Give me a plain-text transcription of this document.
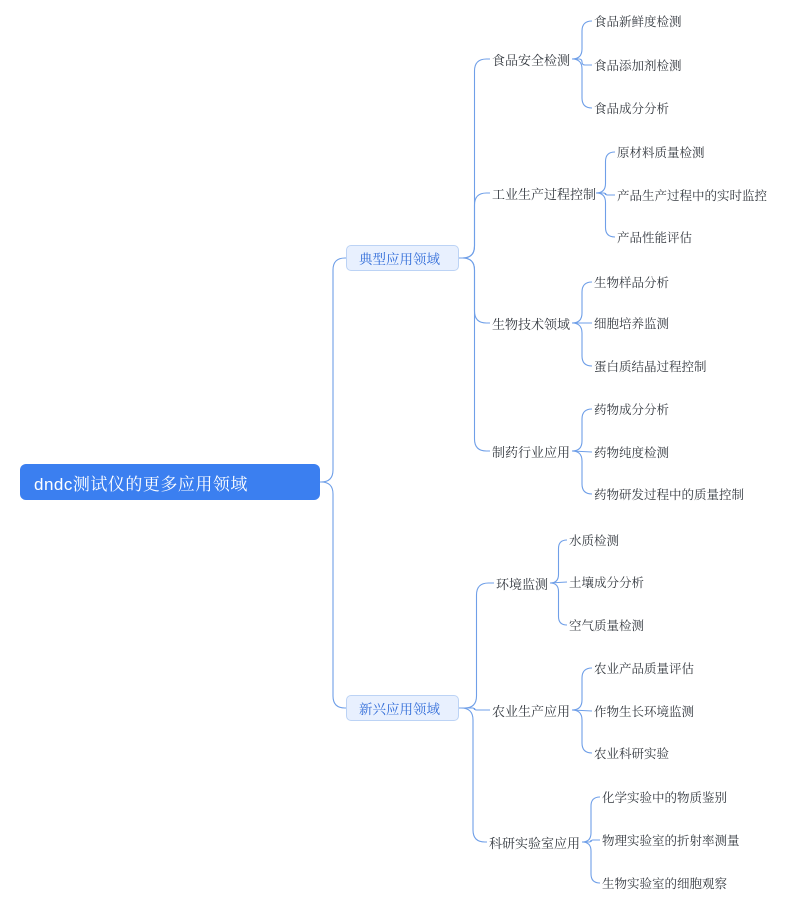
dndc测试仪的更多应用领域
典型应用领域
食品安全检测
食品新鲜度检测
食品添加剂检测
食品成分分析
工业生产过程控制
原材料质量检测
产品生产过程中的实时监控
产品性能评估
生物技术领域
生物样品分析
细胞培养监测
蛋白质结晶过程控制
制药行业应用
药物成分分析
药物纯度检测
药物研发过程中的质量控制
新兴应用领域
环境监测
水质检测
土壤成分分析
空气质量检测
农业生产应用
农业产品质量评估
作物生长环境监测
农业科研实验
科研实验室应用
化学实验中的物质鉴别
物理实验室的折射率测量
生物实验室的细胞观察
